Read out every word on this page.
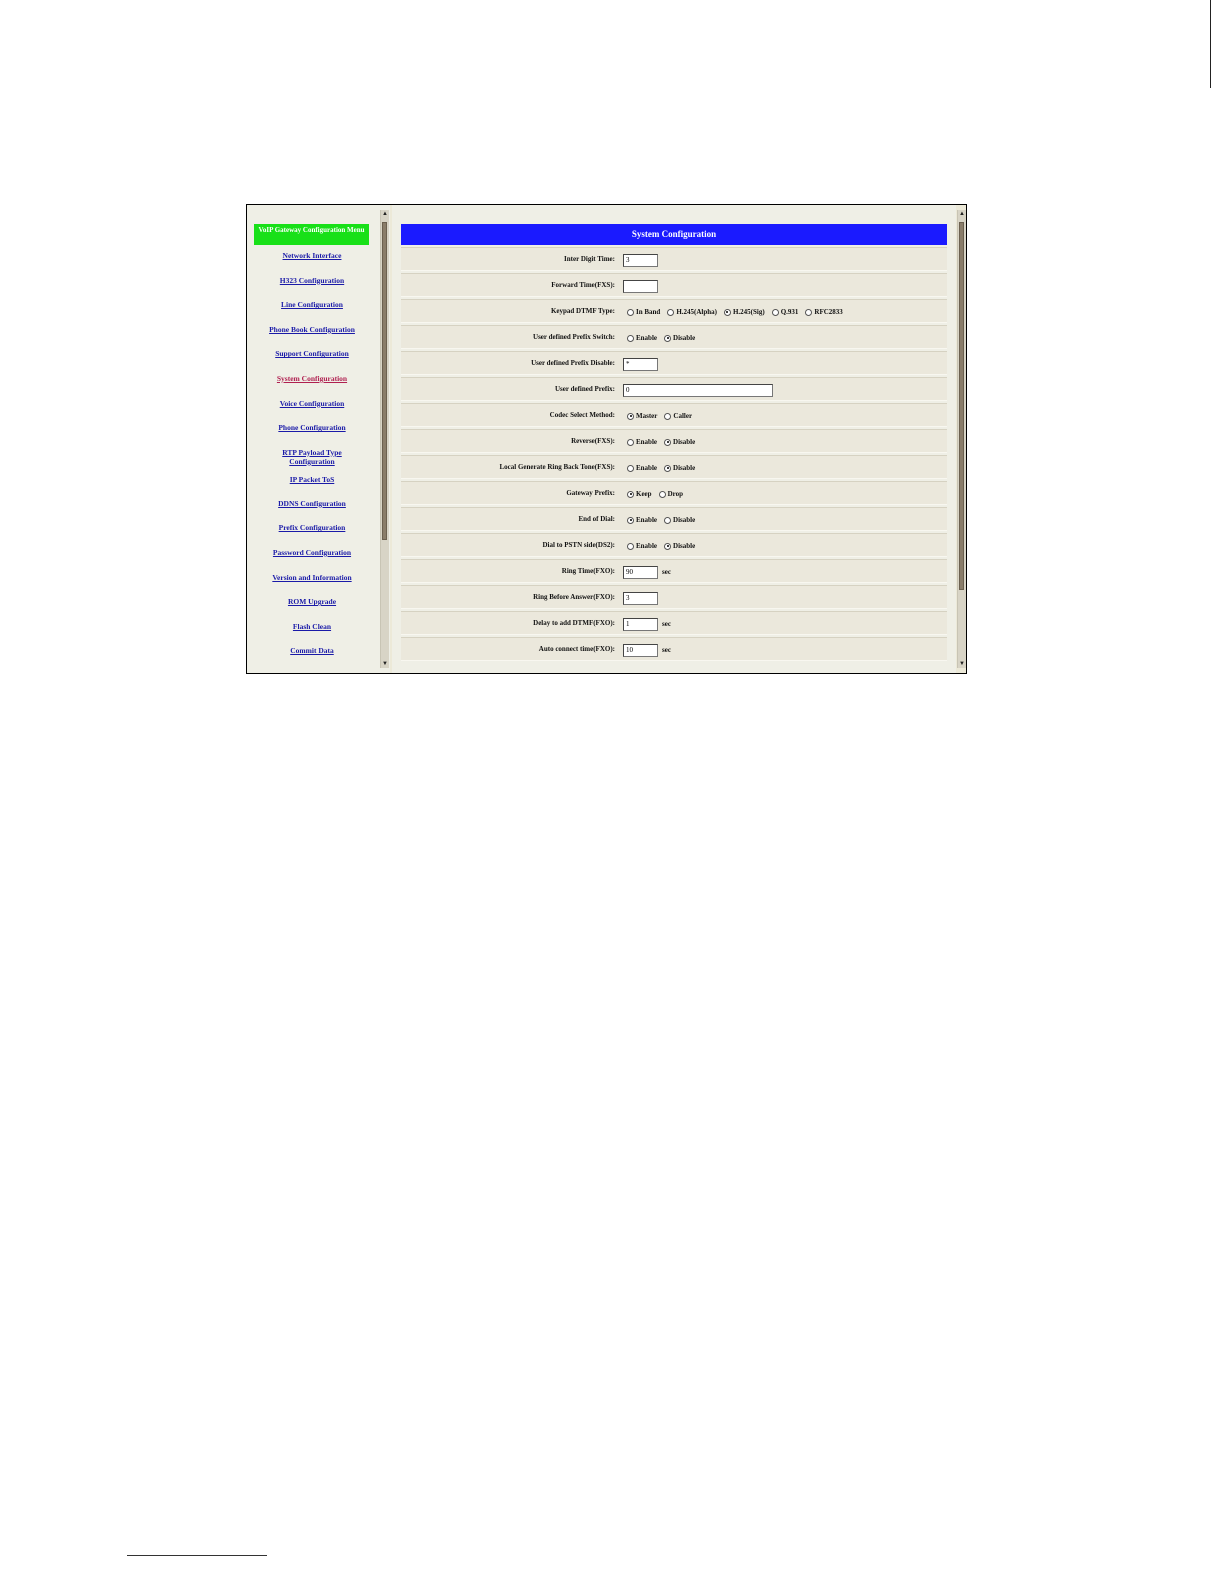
VoIP Gateway Configuration Menu
Network Interface
H323 Configuration
Line Configuration
Phone Book Configuration
Support Configuration
System Configuration
Voice Configuration
Phone Configuration
RTP Payload Type Configuration
IP Packet ToS
DDNS Configuration
Prefix Configuration
Password Configuration
Version and Information
ROM Upgrade
Flash Clean
Commit Data
▲
▼
System Configuration
Inter Digit Time:
3
Forward Time(FXS):
Keypad DTMF Type:	In Band H.245(Alpha) H.245(Sig) Q.931 RFC2833
User defined Prefix Switch:	Enable Disable
User defined Prefix Disable:
*
User defined Prefix:
0
Codec Select Method:	Master Caller
Reverse(FXS):	Enable Disable
Local Generate Ring Back Tone(FXS):	Enable Disable
Gateway Prefix:	Keep Drop
End of Dial:	Enable Disable
Dial to PSTN side(DS2):	Enable Disable
Ring Time(FXO):
90	sec
Ring Before Answer(FXO):
3
Delay to add DTMF(FXO):
1	sec
Auto connect time(FXO):
10	sec
▲
▼
